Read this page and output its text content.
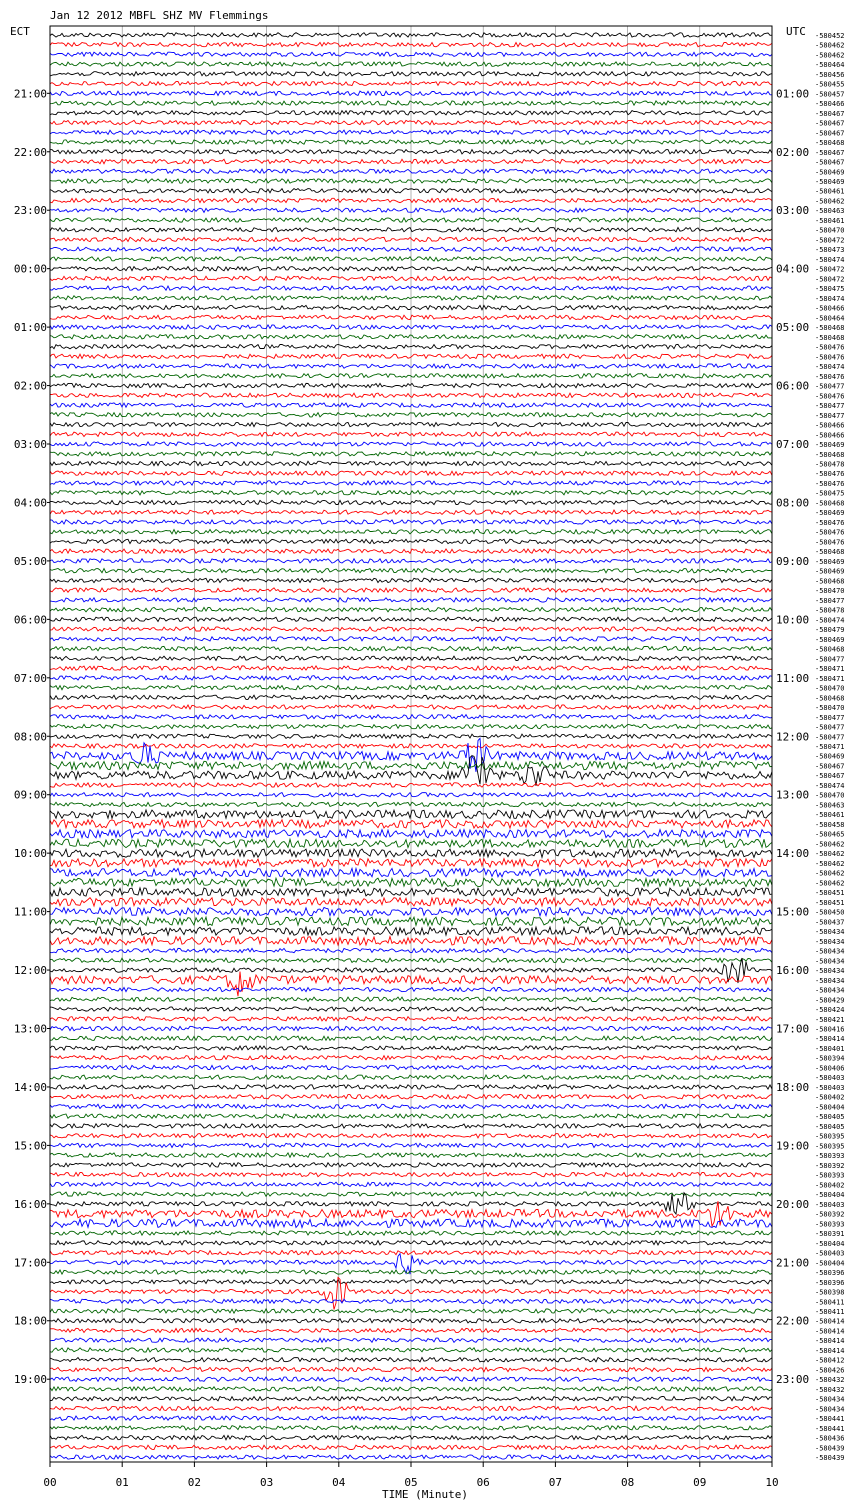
21:00
22:00
23:00
00:00
01:00
02:00
03:00
04:00
05:00
06:00
07:00
08:00
09:00
10:00
11:00
12:00
13:00
14:00
15:00
16:00
17:00
18:00
19:00
01:00
02:00
03:00
04:00
05:00
06:00
07:00
08:00
09:00
10:00
11:00
12:00
13:00
14:00
15:00
16:00
17:00
18:00
19:00
20:00
21:00
22:00
23:00
-580452
-580462
-580462
-580464
-580456
-580455
-580457
-580466
-580467
-580467
-580467
-580468
-580467
-580467
-580469
-580469
-580461
-580462
-580463
-580461
-580470
-580472
-580473
-580474
-580472
-580472
-580475
-580474
-580466
-580464
-580468
-580468
-580476
-580476
-580474
-580476
-580477
-580476
-580477
-580477
-580466
-580466
-580469
-580468
-580478
-580476
-580476
-580475
-580468
-580469
-580476
-580476
-580476
-580468
-580469
-580469
-580468
-580470
-580477
-580478
-580474
-580479
-580469
-580468
-580477
-580471
-580471
-580470
-580468
-580470
-580477
-580477
-580477
-580471
-580469
-580467
-580467
-580474
-580470
-580463
-580461
-580458
-580465
-580462
-580462
-580462
-580462
-580462
-580451
-580451
-580450
-580437
-580434
-580434
-580434
-580434
-580434
-580434
-580434
-580429
-580424
-580421
-580416
-580414
-580401
-580394
-580406
-580403
-580403
-580402
-580404
-580405
-580405
-580395
-580395
-580393
-580392
-580393
-580402
-580404
-580403
-580392
-580393
-580391
-580404
-580403
-580404
-580396
-580396
-580398
-580411
-580411
-580414
-580414
-580414
-580414
-580412
-580426
-580432
-580432
-580434
-580434
-580441
-580441
-580436
-580439
-580439
00	01	02	03	04	05	06	07	08	09	10
TIME (Minute)
Jan 12 2012 MBFL SHZ MV Flemmings
ECT	UTC
